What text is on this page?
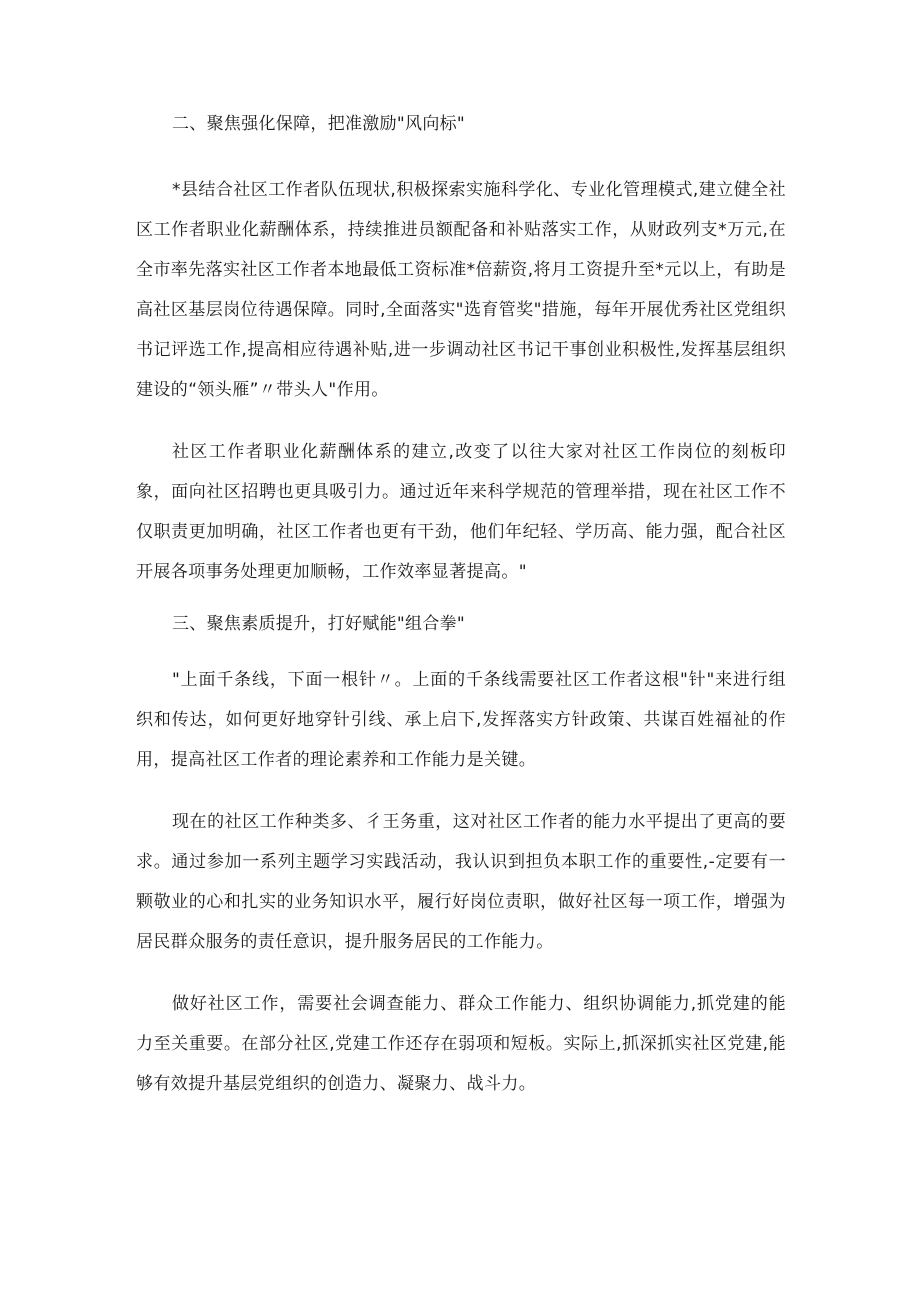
二、聚焦强化保障，把准激励"风向标"

*县结合社区工作者队伍现状,积极探索实施科学化、专业化管理模式,建立健全社区工作者职业化薪酬体系，持续推进员额配备和补贴落实工作，从财政列支*万元,在全市率先落实社区工作者本地最低工资标准*倍薪资,将月工资提升至*元以上，有助是高社区基层岗位待遇保障。同时,全面落实"选育管奖"措施，每年开展优秀社区党组织书记评选工作,提高相应待遇补贴,进一步调动社区书记干事创业积极性,发挥基层组织建设的“领头雁”〃带头人"作用。

社区工作者职业化薪酬体系的建立,改变了以往大家对社区工作岗位的刻板印象，面向社区招聘也更具吸引力。通过近年来科学规范的管理举措，现在社区工作不仅职责更加明确，社区工作者也更有干劲，他们年纪轻、学历高、能力强，配合社区开展各项事务处理更加顺畅，工作效率显著提高。"

三、聚焦素质提升，打好赋能"组合拳"

"上面千条线，下面一根针〃。上面的千条线需要社区工作者这根"针"来进行组织和传达，如何更好地穿针引线、承上启下,发挥落实方针政策、共谋百姓福祉的作用，提高社区工作者的理论素养和工作能力是关键。

现在的社区工作种类多、彳王务重，这对社区工作者的能力水平提出了更高的要求。通过参加一系列主题学习实践活动，我认识到担负本职工作的重要性,-定要有一颗敬业的心和扎实的业务知识水平，履行好岗位责职，做好社区每一项工作，增强为居民群众服务的责任意识，提升服务居民的工作能力。

做好社区工作，需要社会调查能力、群众工作能力、组织协调能力,抓党建的能力至关重要。在部分社区,党建工作还存在弱项和短板。实际上,抓深抓实社区党建,能够有效提升基层党组织的创造力、凝聚力、战斗力。
